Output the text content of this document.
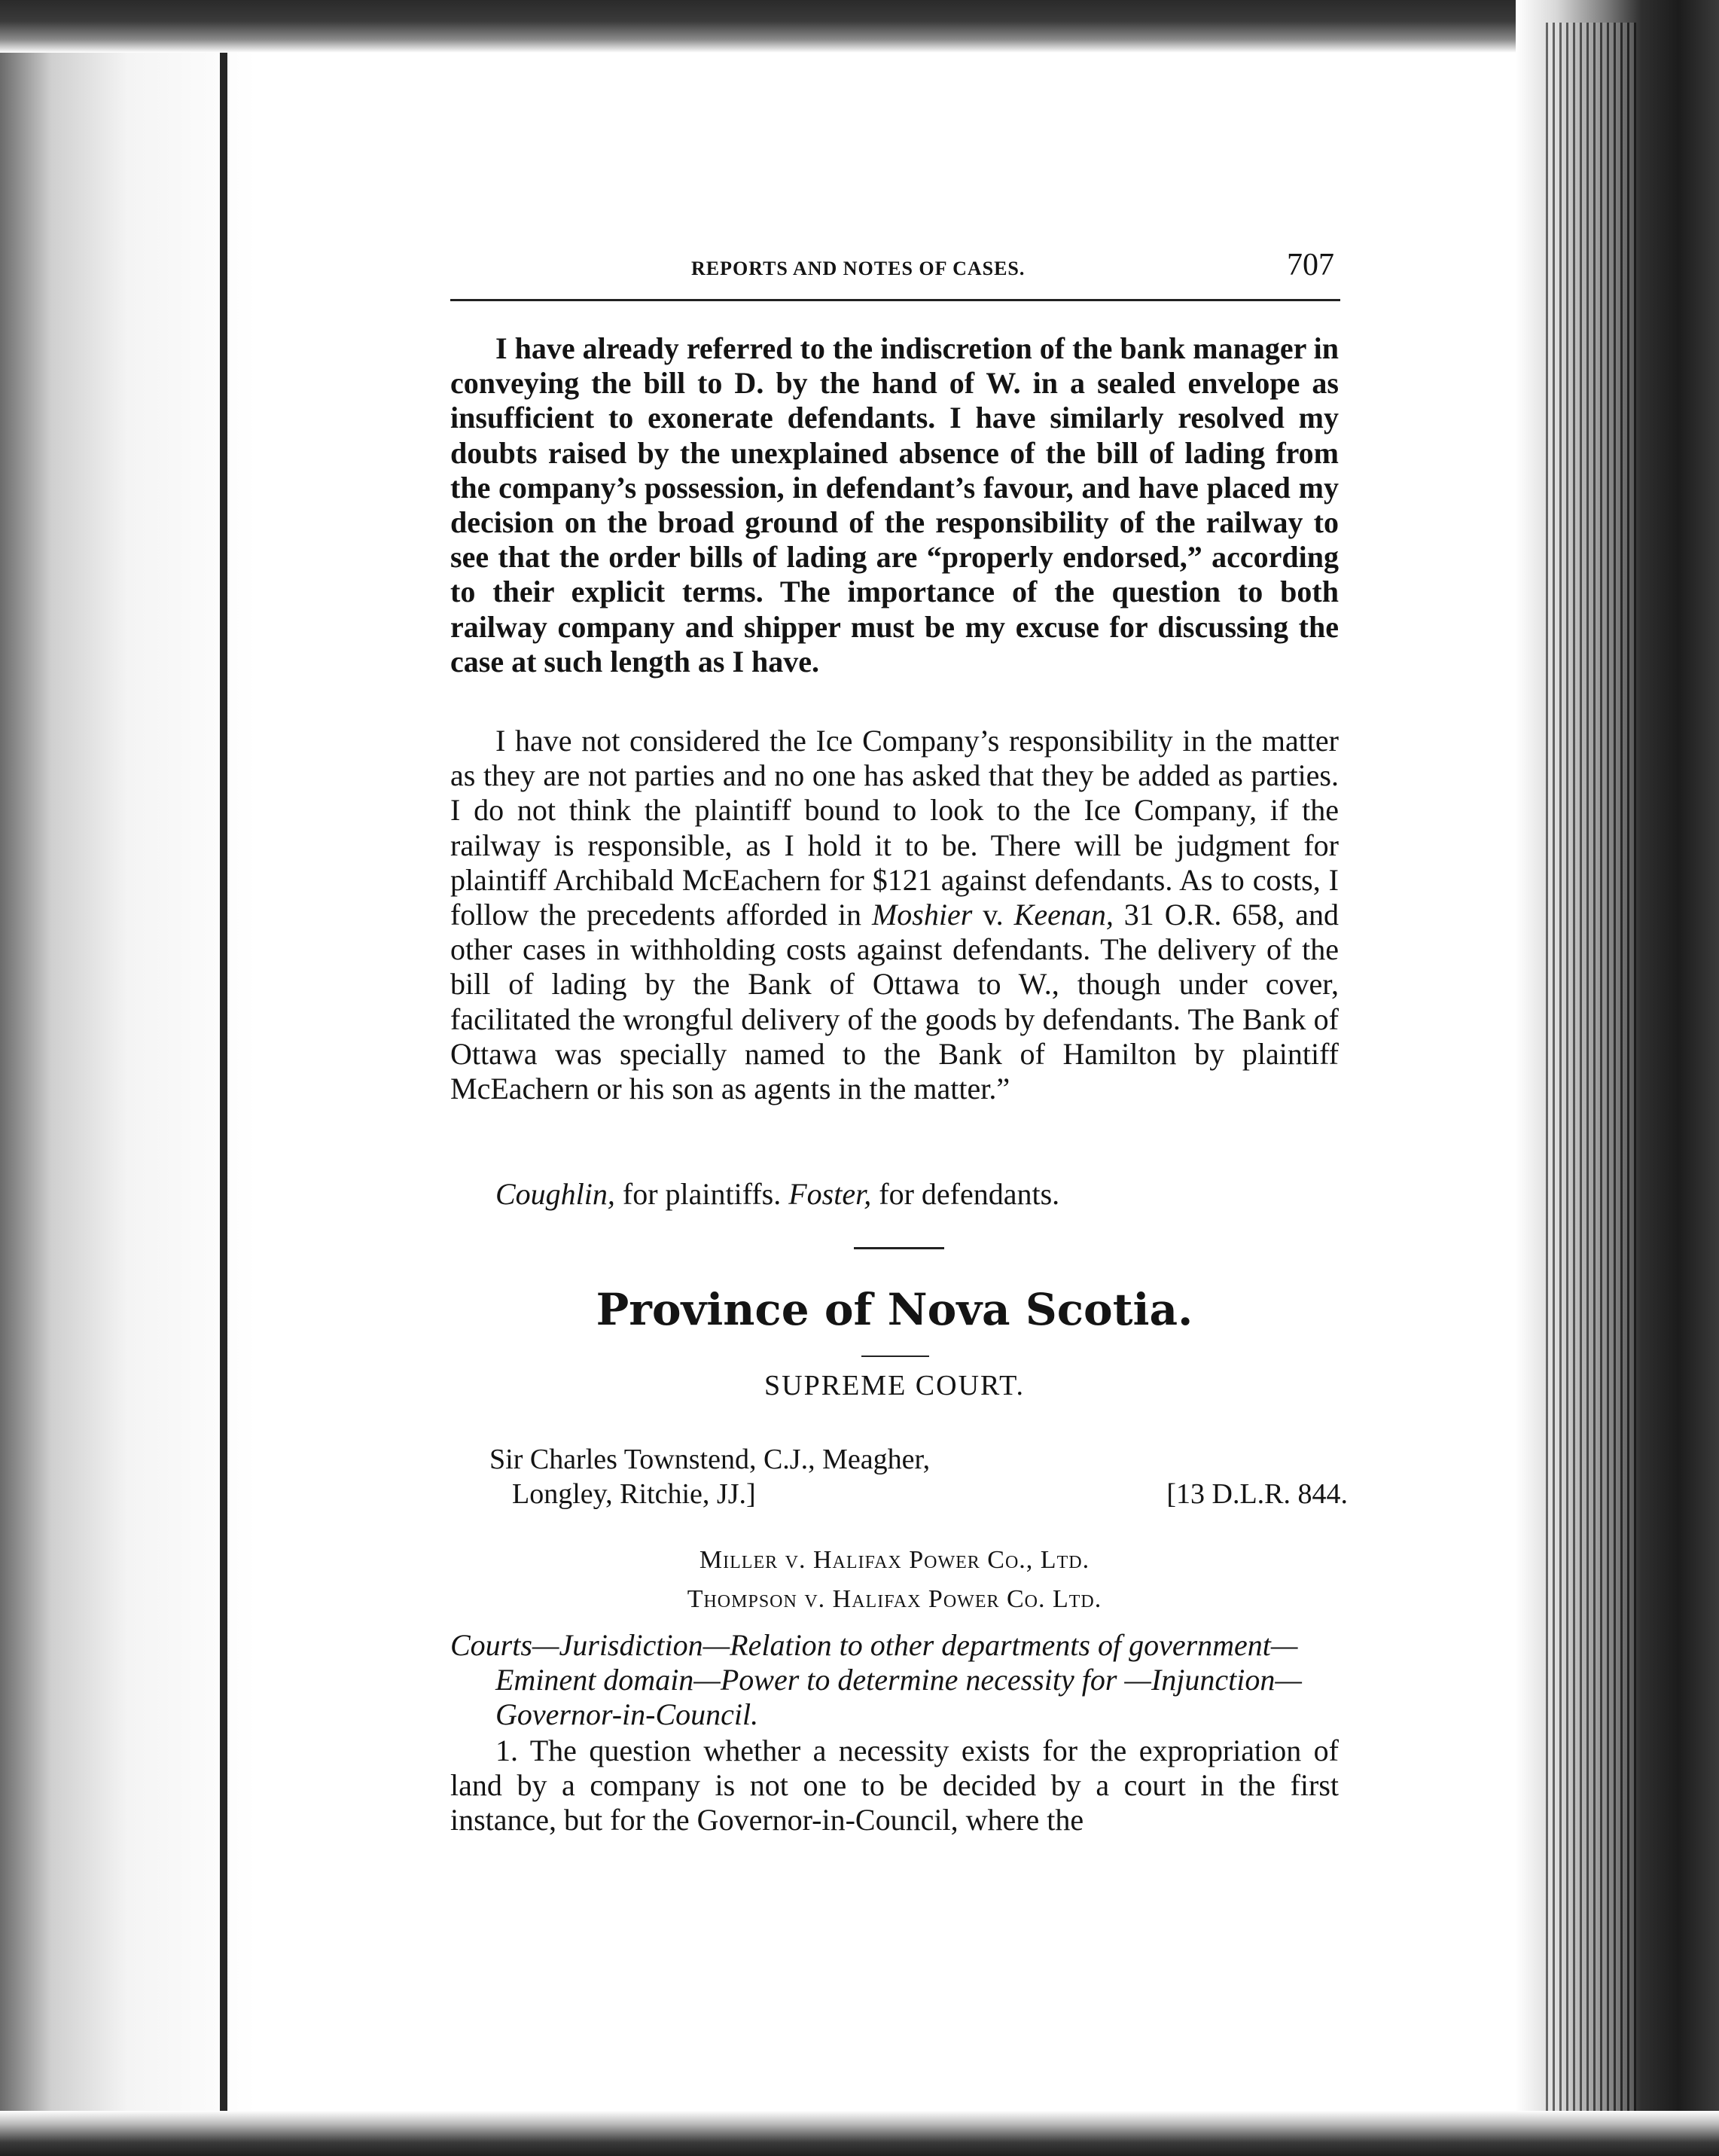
REPORTS AND NOTES OF CASES.	707

I have already referred to the indiscretion of the bank manager in conveying the bill to D. by the hand of W. in a sealed envelope as insufficient to exonerate defendants. I have similarly resolved my doubts raised by the unexplained absence of the bill of lading from the company’s possession, in defendant’s favour, and have placed my decision on the broad ground of the responsibility of the railway to see that the order bills of lading are “properly endorsed,” according to their explicit terms. The importance of the question to both railway company and shipper must be my excuse for discussing the case at such length as I have.

I have not considered the Ice Company’s responsibility in the matter as they are not parties and no one has asked that they be added as parties. I do not think the plaintiff bound to look to the Ice Company, if the railway is responsible, as I hold it to be. There will be judgment for plaintiff Archibald McEachern for $121 against defendants. As to costs, I follow the precedents afforded in Moshier v. Keenan, 31 O.R. 658, and other cases in withholding costs against defendants. The delivery of the bill of lading by the Bank of Ottawa to W., though under cover, facilitated the wrongful delivery of the goods by defendants. The Bank of Ottawa was specially named to the Bank of Hamilton by plaintiff McEachern or his son as agents in the matter.”

Coughlin, for plaintiffs. Foster, for defendants.
Province of Nova Scotia.
SUPREME COURT.
Sir Charles Townstend, C.J., Meagher,
Longley, Ritchie, JJ.]	[13 D.L.R. 844.
Miller v. Halifax Power Co., Ltd.
Thompson v. Halifax Power Co. Ltd.
Courts—Jurisdiction—Relation to other departments of government—Eminent domain—Power to determine necessity for —Injunction—Governor-in-Council.

1. The question whether a necessity exists for the expropriation of land by a company is not one to be decided by a court in the first instance, but for the Governor-in-Council, where the
